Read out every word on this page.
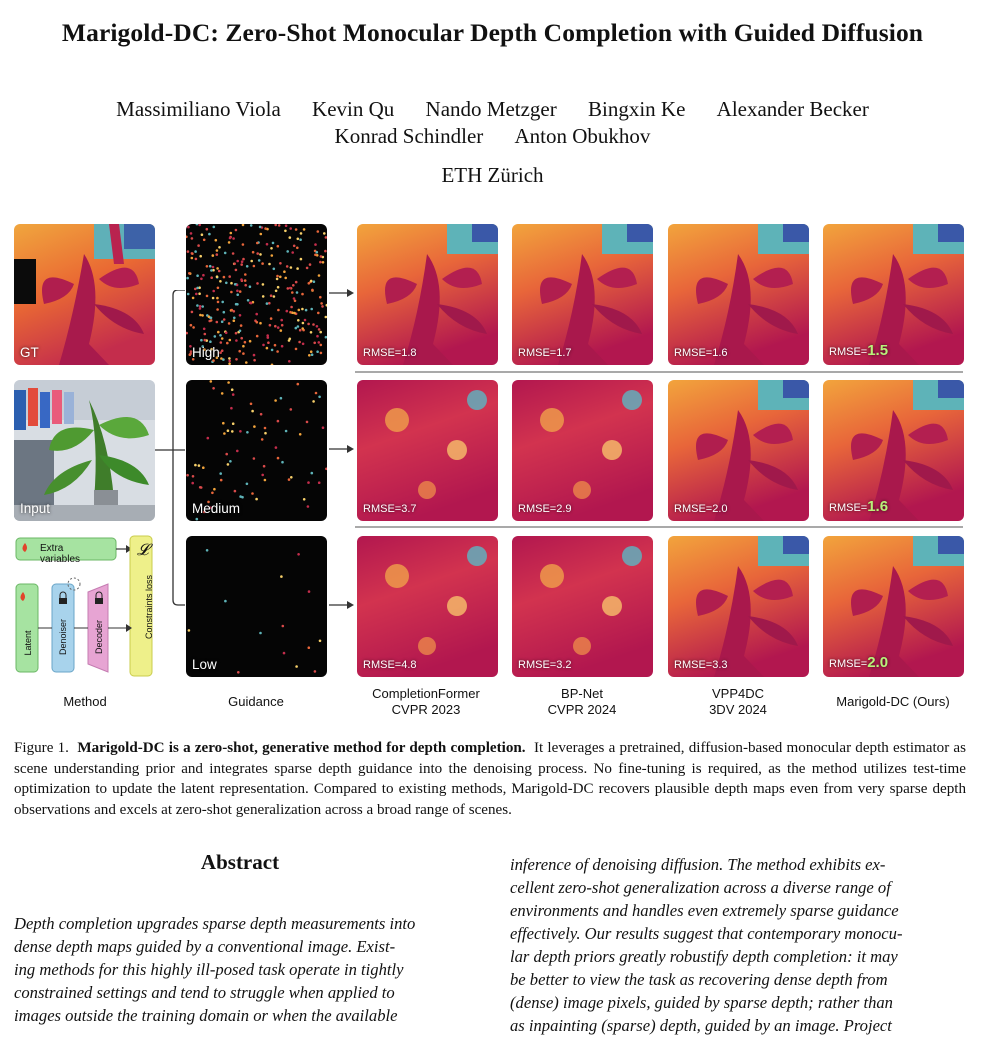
Marigold-DC: Zero-Shot Monocular Depth Completion with Guided Diffusion
Massimiliano Viola Kevin Qu Nando Metzger Bingxin Ke Alexander Becker
Konrad Schindler Anton Obukhov
ETH Zürich
GT
Input
Extra variables
𝓛
Latent	Denoiser	Decoder	Constraints loss
High
Medium
Low
RMSE=1.8	RMSE=1.7	RMSE=1.6	RMSE=1.5
RMSE=3.7	RMSE=2.9	RMSE=2.0	RMSE=1.6
RMSE=4.8	RMSE=3.2	RMSE=3.3	RMSE=2.0
Method	Guidance
CompletionFormer
CVPR 2023
BP-Net
CVPR 2024
VPP4DC
3DV 2024
Marigold-DC (Ours)
Figure 1. Marigold-DC is a zero-shot, generative method for depth completion. It leverages a pretrained, diffusion-based monocular depth estimator as scene understanding prior and integrates sparse depth guidance into the denoising process. No fine-tuning is required, as the method utilizes test-time optimization to update the latent representation. Compared to existing methods, Marigold-DC recovers plausible depth maps even from very sparse depth observations and excels at zero-shot generalization across a broad range of scenes.
Abstract
Depth completion upgrades sparse depth measurements into
dense depth maps guided by a conventional image. Exist-
ing methods for this highly ill-posed task operate in tightly
constrained settings and tend to struggle when applied to
images outside the training domain or when the available
inference of denoising diffusion. The method exhibits ex-
cellent zero-shot generalization across a diverse range of
environments and handles even extremely sparse guidance
effectively. Our results suggest that contemporary monocu-
lar depth priors greatly robustify depth completion: it may
be better to view the task as recovering dense depth from
(dense) image pixels, guided by sparse depth; rather than
as inpainting (sparse) depth, guided by an image. Project
